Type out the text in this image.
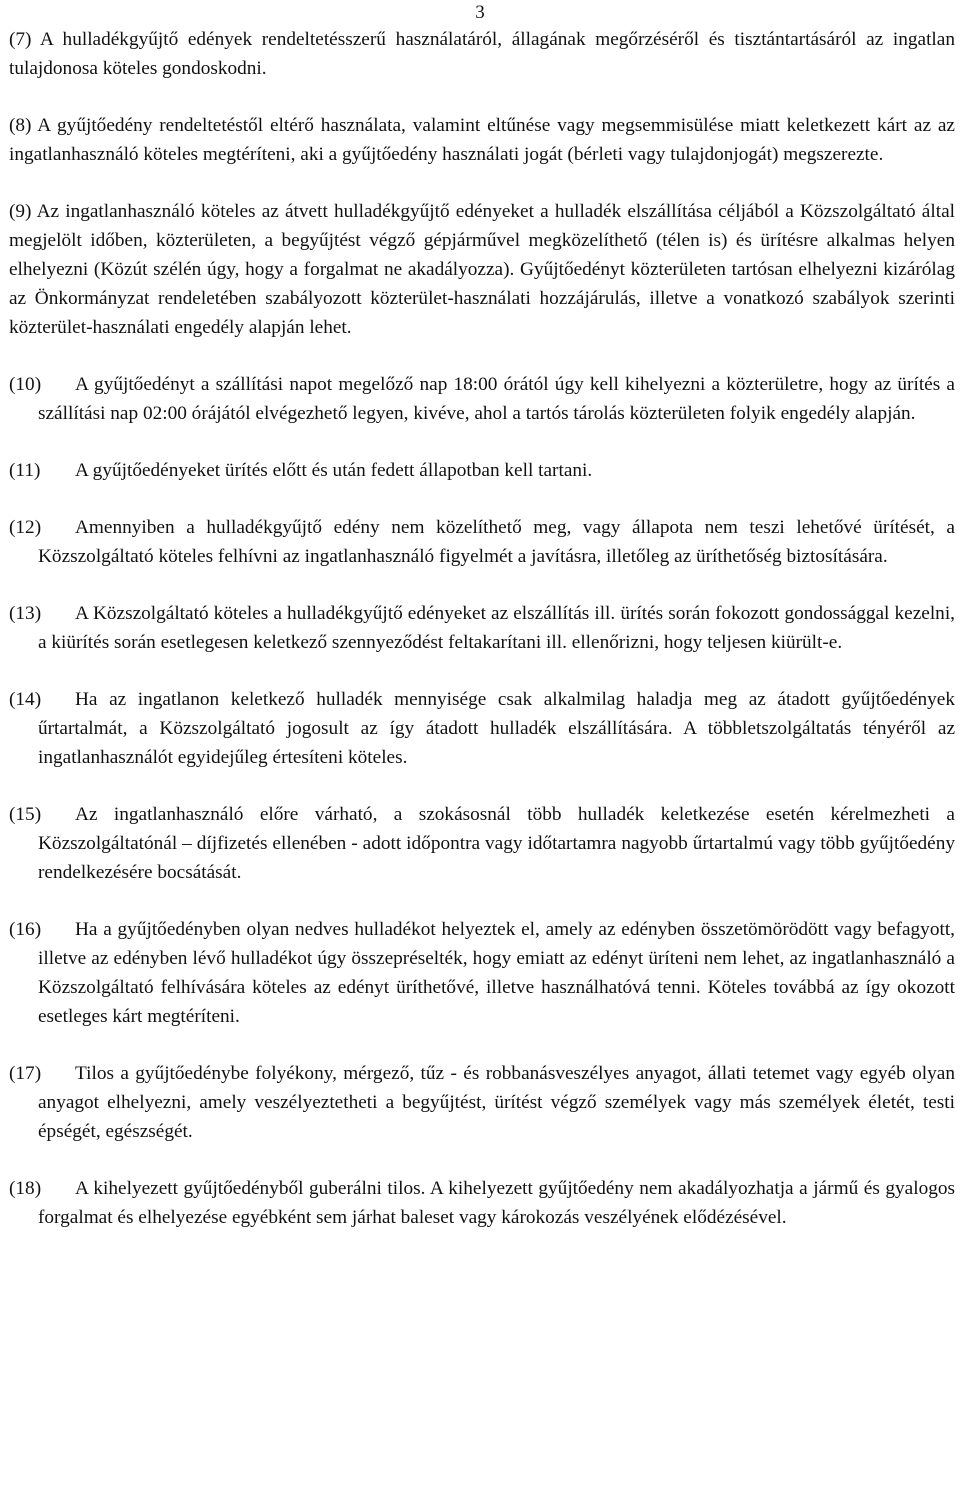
3

(7) A hulladékgyűjtő edények rendeltetésszerű használatáról, állagának megőrzéséről és tisztántartásáról az ingatlan tulajdonosa köteles gondoskodni.

(8) A gyűjtőedény rendeltetéstől eltérő használata, valamint eltűnése vagy megsemmisülése miatt keletkezett kárt az az ingatlanhasználó köteles megtéríteni, aki a gyűjtőedény használati jogát (bérleti vagy tulajdonjogát) megszerezte.

(9) Az ingatlanhasználó köteles az átvett hulladékgyűjtő edényeket a hulladék elszállítása céljából a Közszolgáltató által megjelölt időben, közterületen, a begyűjtést végző gépjárművel megközelíthető (télen is) és ürítésre alkalmas helyen elhelyezni (Közút szélén úgy, hogy a forgalmat ne akadályozza). Gyűjtőedényt közterületen tartósan elhelyezni kizárólag az Önkormányzat rendeletében szabályozott közterület-használati hozzájárulás, illetve a vonatkozó szabályok szerinti közterület-használati engedély alapján lehet.

(10) A gyűjtőedényt a szállítási napot megelőző nap 18:00 órától úgy kell kihelyezni a közterületre, hogy az ürítés a szállítási nap 02:00 órájától elvégezhető legyen, kivéve, ahol a tartós tárolás közterületen folyik engedély alapján.
(11) A gyűjtőedényeket ürítés előtt és után fedett állapotban kell tartani.
(12) Amennyiben a hulladékgyűjtő edény nem közelíthető meg, vagy állapota nem teszi lehetővé ürítését, a Közszolgáltató köteles felhívni az ingatlanhasználó figyelmét a javításra, illetőleg az üríthetőség biztosítására.
(13) A Közszolgáltató köteles a hulladékgyűjtő edényeket az elszállítás ill. ürítés során fokozott gondossággal kezelni, a kiürítés során esetlegesen keletkező szennyeződést feltakarítani ill. ellenőrizni, hogy teljesen kiürült-e.
(14) Ha az ingatlanon keletkező hulladék mennyisége csak alkalmilag haladja meg az átadott gyűjtőedények űrtartalmát, a Közszolgáltató jogosult az így átadott hulladék elszállítására. A többletszolgáltatás tényéről az ingatlanhasználót egyidejűleg értesíteni köteles.
(15) Az ingatlanhasználó előre várható, a szokásosnál több hulladék keletkezése esetén kérelmezheti a Közszolgáltatónál – díjfizetés ellenében - adott időpontra vagy időtartamra nagyobb űrtartalmú vagy több gyűjtőedény rendelkezésére bocsátását.
(16) Ha a gyűjtőedényben olyan nedves hulladékot helyeztek el, amely az edényben összetömörödött vagy befagyott, illetve az edényben lévő hulladékot úgy összepréselték, hogy emiatt az edényt üríteni nem lehet, az ingatlanhasználó a Közszolgáltató felhívására köteles az edényt üríthetővé, illetve használhatóvá tenni. Köteles továbbá az így okozott esetleges kárt megtéríteni.
(17) Tilos a gyűjtőedénybe folyékony, mérgező, tűz - és robbanásveszélyes anyagot, állati tetemet vagy egyéb olyan anyagot elhelyezni, amely veszélyeztetheti a begyűjtést, ürítést végző személyek vagy más személyek életét, testi épségét, egészségét.
(18) A kihelyezett gyűjtőedényből guberálni tilos. A kihelyezett gyűjtőedény nem akadályozhatja a jármű és gyalogos forgalmat és elhelyezése egyébként sem járhat baleset vagy károkozás veszélyének elődézésével.
